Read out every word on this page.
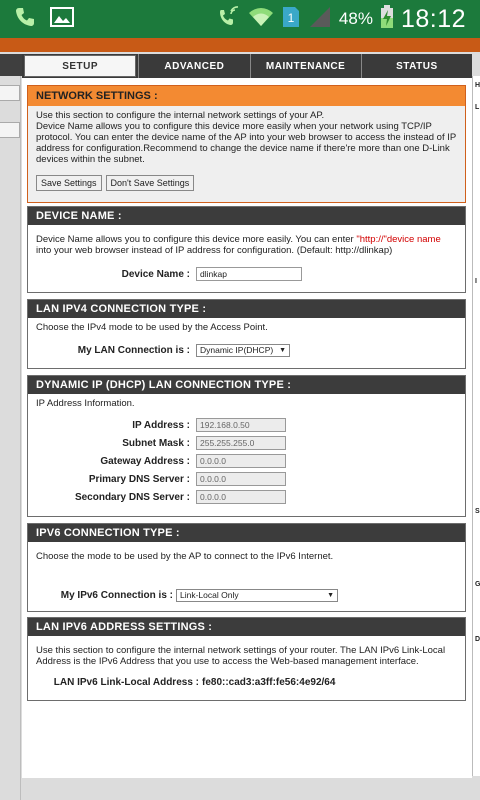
1	48% 18:12
SETUP	ADVANCED	MAINTENANCE	STATUS
H
L
I
S
G
D
NETWORK SETTINGS :
Use this section to configure the internal network settings of your AP.
Device Name allows you to configure this device more easily when your network using TCP/IP protocol. You can enter the device name of the AP into your web browser to access the instead of IP address for configuration.Recommend to change the device name if there're more than one D-Link devices within the subnet.
Save Settings	Don't Save Settings
DEVICE NAME :
Device Name allows you to configure this device more easily. You can enter "http://"device name into your web browser instead of IP address for configuration. (Default: http://dlinkap)
Device Name :
dlinkap
LAN IPV4 CONNECTION TYPE :
Choose the IPv4 mode to be used by the Access Point.
My LAN Connection is :	Dynamic IP(DHCP) ▼
DYNAMIC IP (DHCP) LAN CONNECTION TYPE :
IP Address Information.
IP Address :
192.168.0.50
Subnet Mask :
255.255.255.0
Gateway Address :
0.0.0.0
Primary DNS Server :
0.0.0.0
Secondary DNS Server :
0.0.0.0
IPV6 CONNECTION TYPE :
Choose the mode to be used by the AP to connect to the IPv6 Internet.
My IPv6 Connection is : Link-Local Only	▼
LAN IPV6 ADDRESS SETTINGS :
Use this section to configure the internal network settings of your router. The LAN IPv6 Link-Local Address is the IPv6 Address that you use to access the Web-based management interface.
LAN IPv6 Link-Local Address : fe80::cad3:a3ff:fe56:4e92/64
